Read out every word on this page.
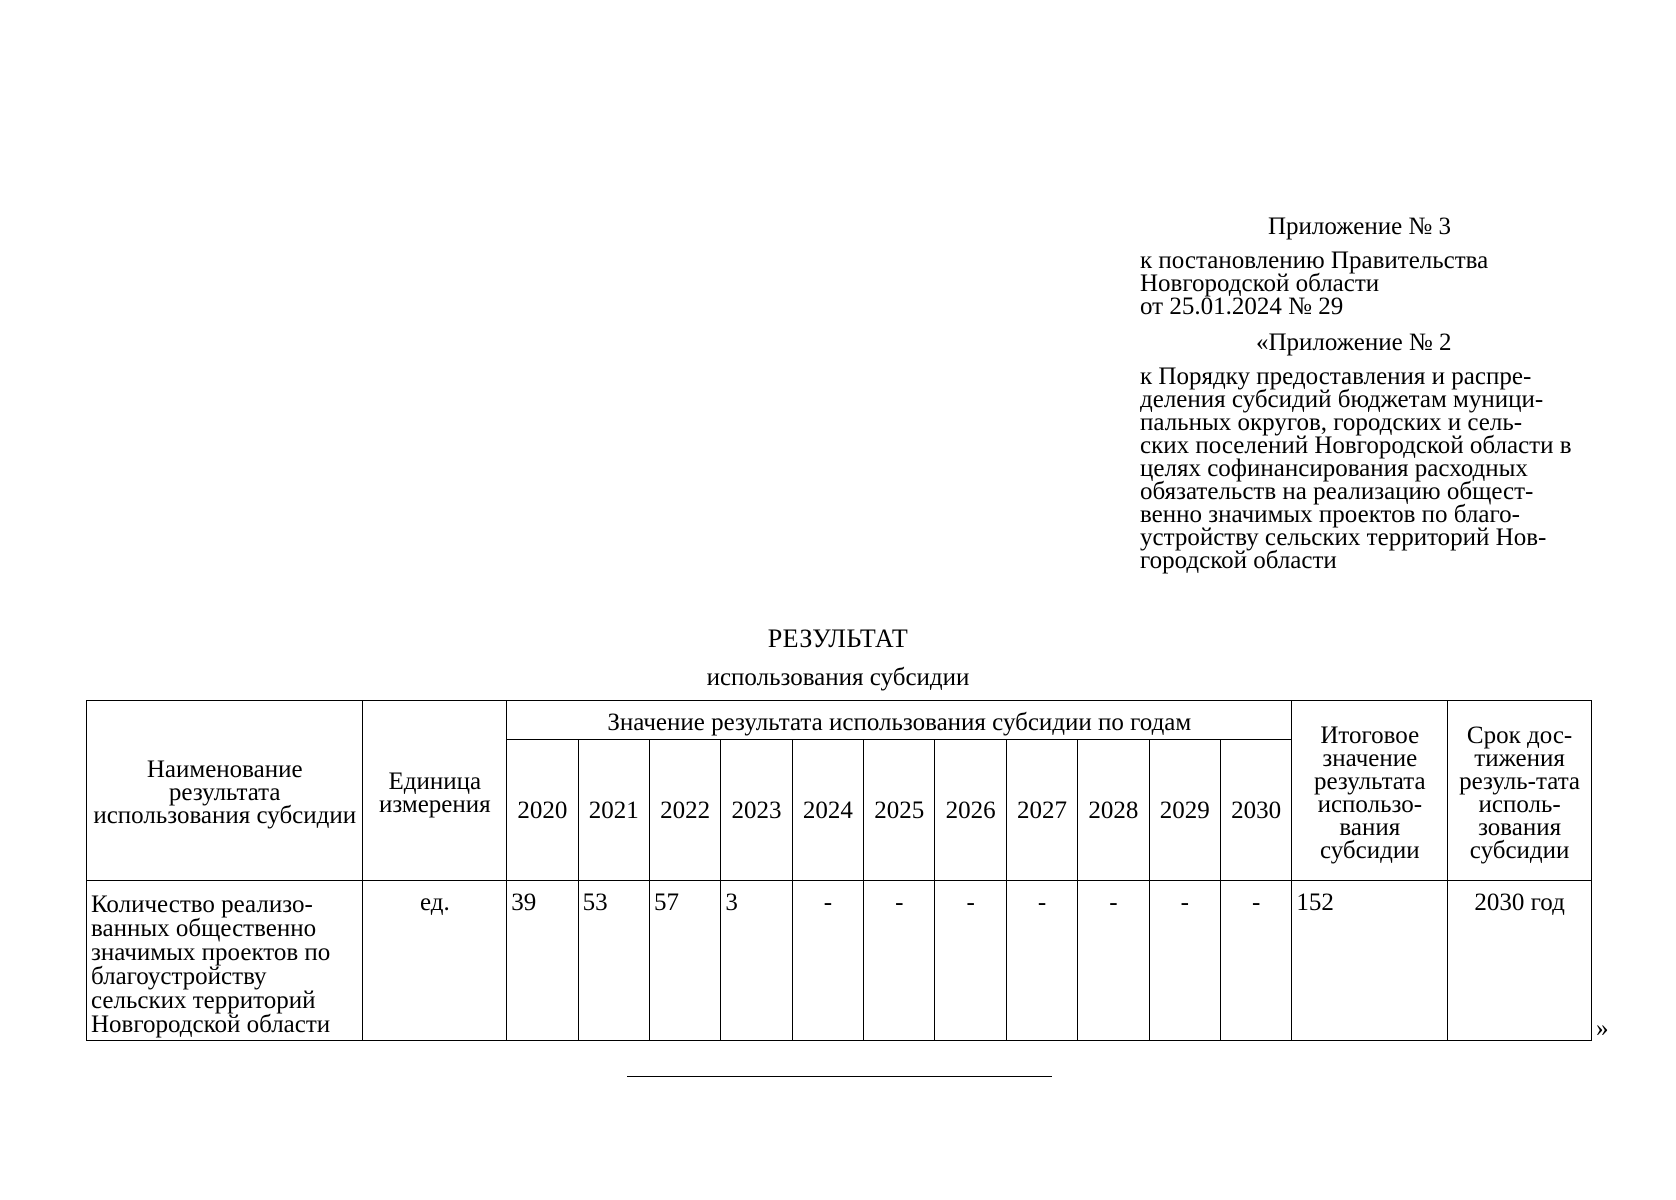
Приложение № 3
к постановлению Правительства
Новгородской области
от 25.01.2024 № 29
«Приложение № 2
к Порядку предоставления и распре-
деления субсидий бюджетам муници-
пальных округов, городских и сель-
ских поселений Новгородской области в
целях софинансирования расходных
обязательств на реализацию общест-
венно значимых проектов по благо-
устройству сельских территорий Нов-
городской области
РЕЗУЛЬТАТ
использования субсидии
Наименование результата использования субсидии	Единица измерения	Значение результата использования субсидии по годам											Итоговое значение результата использо-вания субсидии	Срок дос-тижения резуль-тата исполь-зования субсидии
		2020	2021	2022	2023	2024	2025	2026	2027	2028	2029	2030		
Количество реализо-ванных общественно значимых проектов по благоустройству сельских территорий Новгородской области	ед.	39	53	57	3	-	-	-	-	-	-	-	152	2030 год
»
